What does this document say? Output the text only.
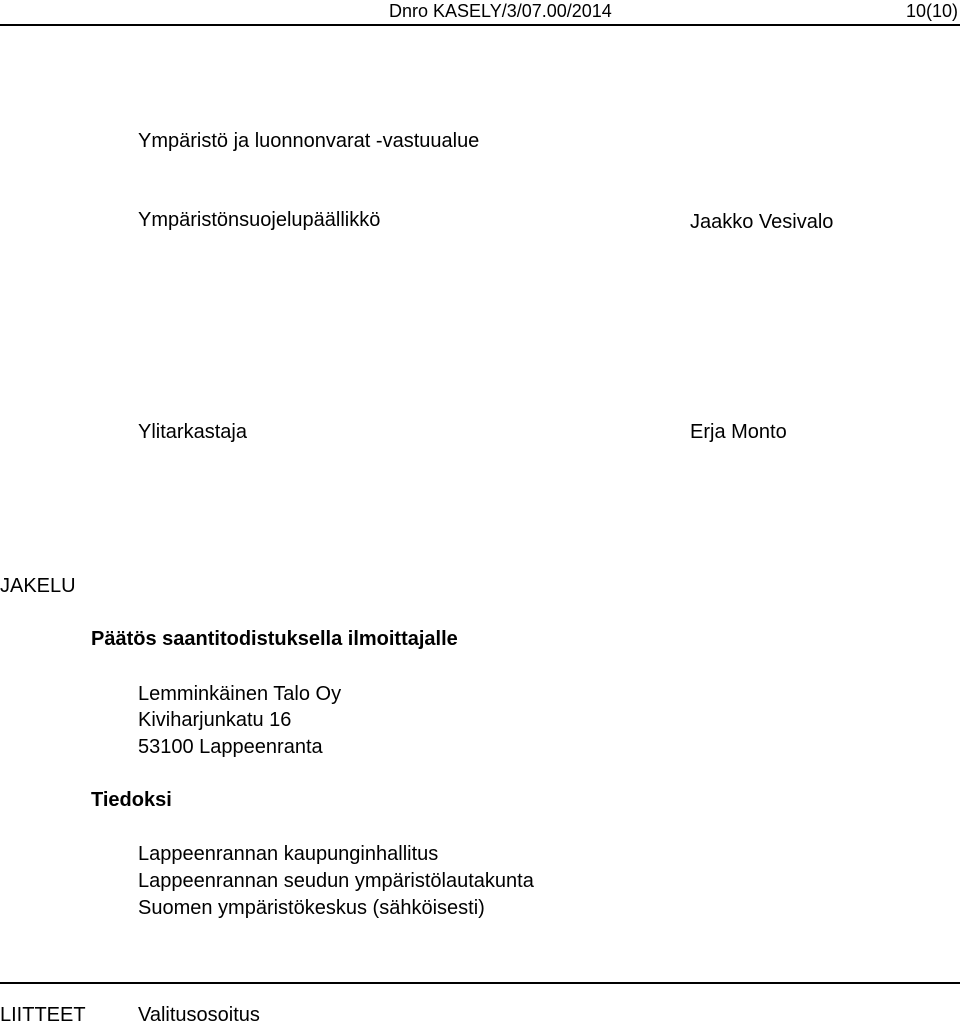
Dnro KASELY/3/07.00/2014	10(10)
Ympäristö ja luonnonvarat -vastuualue
Ympäristönsuojelupäällikkö	Jaakko Vesivalo
Ylitarkastaja	Erja Monto
JAKELU
Päätös saantitodistuksella ilmoittajalle
Lemminkäinen Talo Oy
Kiviharjunkatu 16
53100 Lappeenranta
Tiedoksi
Lappeenrannan kaupunginhallitus
Lappeenrannan seudun ympäristölautakunta
Suomen ympäristökeskus (sähköisesti)
LIITTEET	Valitusosoitus
